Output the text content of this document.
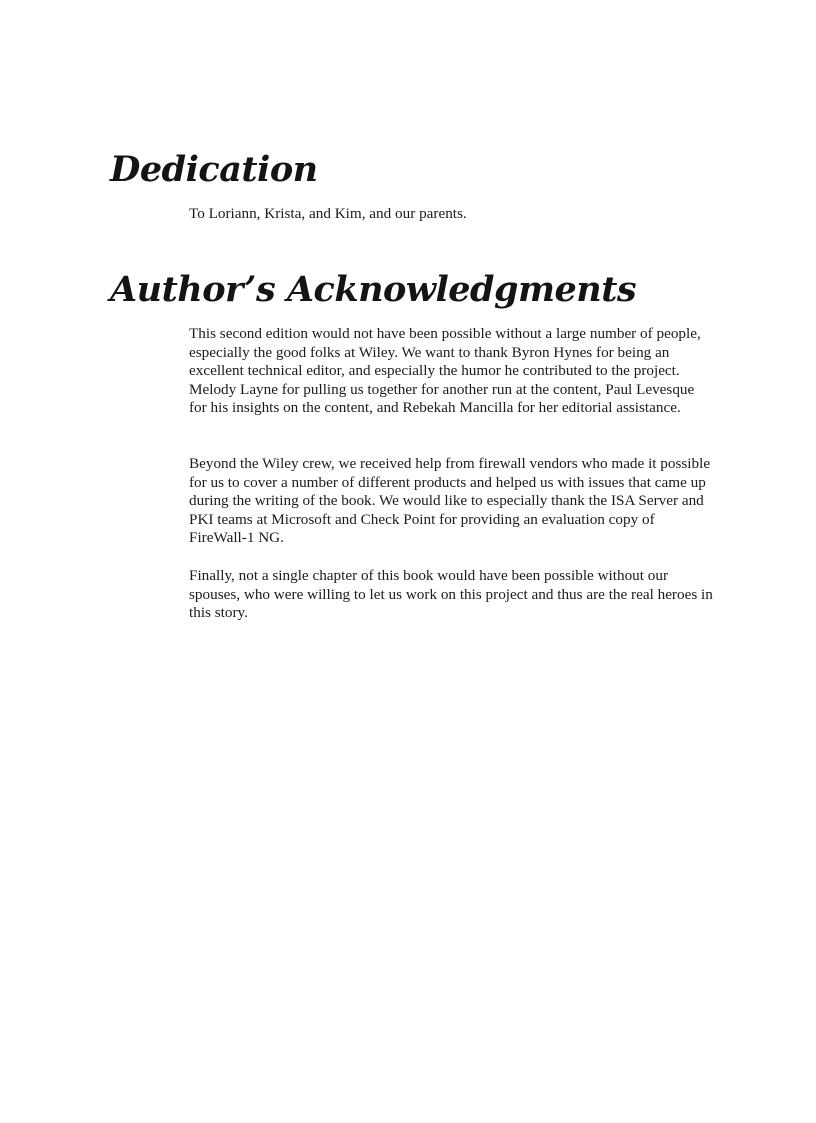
Dedication

To Loriann, Krista, and Kim, and our parents.

Author’s Acknowledgments

This second edition would not have been possible without a large number of people, especially the good folks at Wiley. We want to thank Byron Hynes for being an excellent technical editor, and especially the humor he contributed to the project. Melody Layne for pulling us together for another run at the content, Paul Levesque for his insights on the content, and Rebekah Mancilla for her editorial assistance.

Beyond the Wiley crew, we received help from firewall vendors who made it possible for us to cover a number of different products and helped us with issues that came up during the writing of the book. We would like to especially thank the ISA Server and PKI teams at Microsoft and Check Point for providing an evaluation copy of FireWall-1 NG.

Finally, not a single chapter of this book would have been possible without our spouses, who were willing to let us work on this project and thus are the real heroes in this story.
